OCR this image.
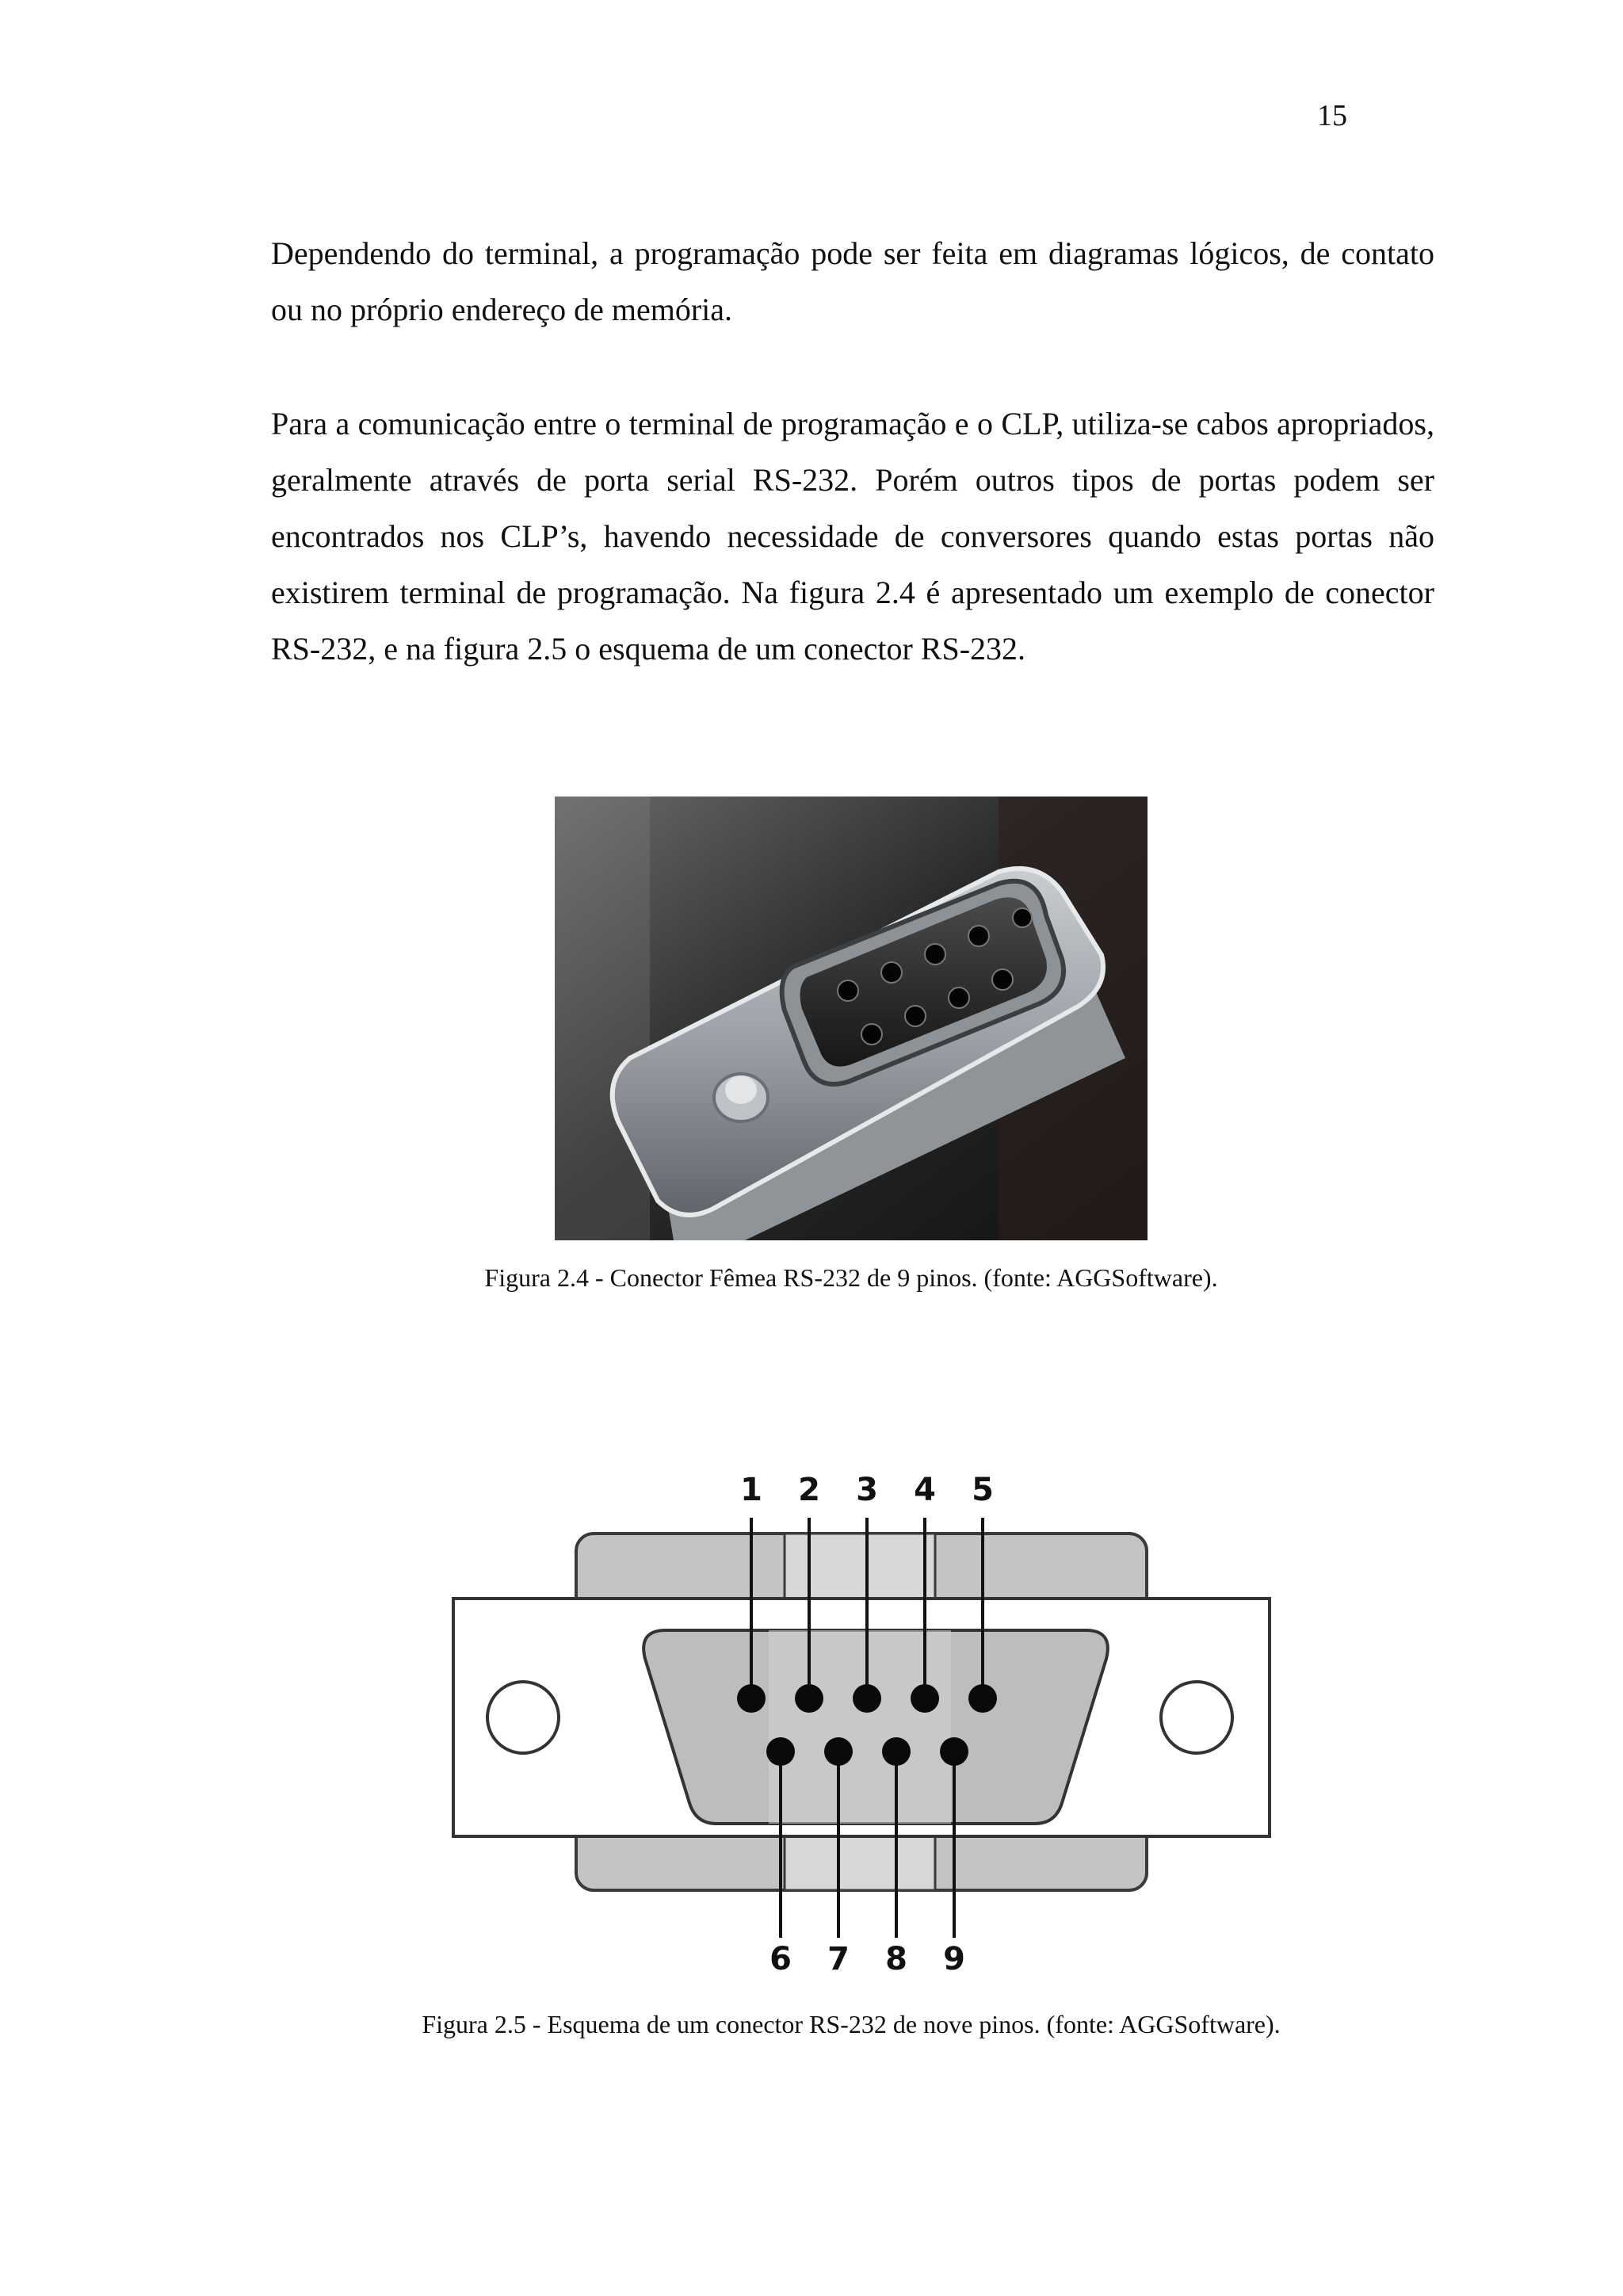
15

Dependendo do terminal, a programação pode ser feita em diagramas lógicos, de contato ou no próprio endereço de memória.

Para a comunicação entre o terminal de programação e o CLP, utiliza-se cabos apropriados, geralmente através de porta serial RS-232. Porém outros tipos de portas podem ser encontrados nos CLP’s, havendo necessidade de conversores quando estas portas não existirem terminal de programação. Na figura 2.4 é apresentado um exemplo de conector RS-232, e na figura 2.5 o esquema de um conector RS-232.

Figura 2.4 - Conector Fêmea RS-232 de 9 pinos. (fonte: AGGSoftware).
1 2 3 4 5
6 7 8 9
Figura 2.5 - Esquema de um conector RS-232 de nove pinos. (fonte: AGGSoftware).
